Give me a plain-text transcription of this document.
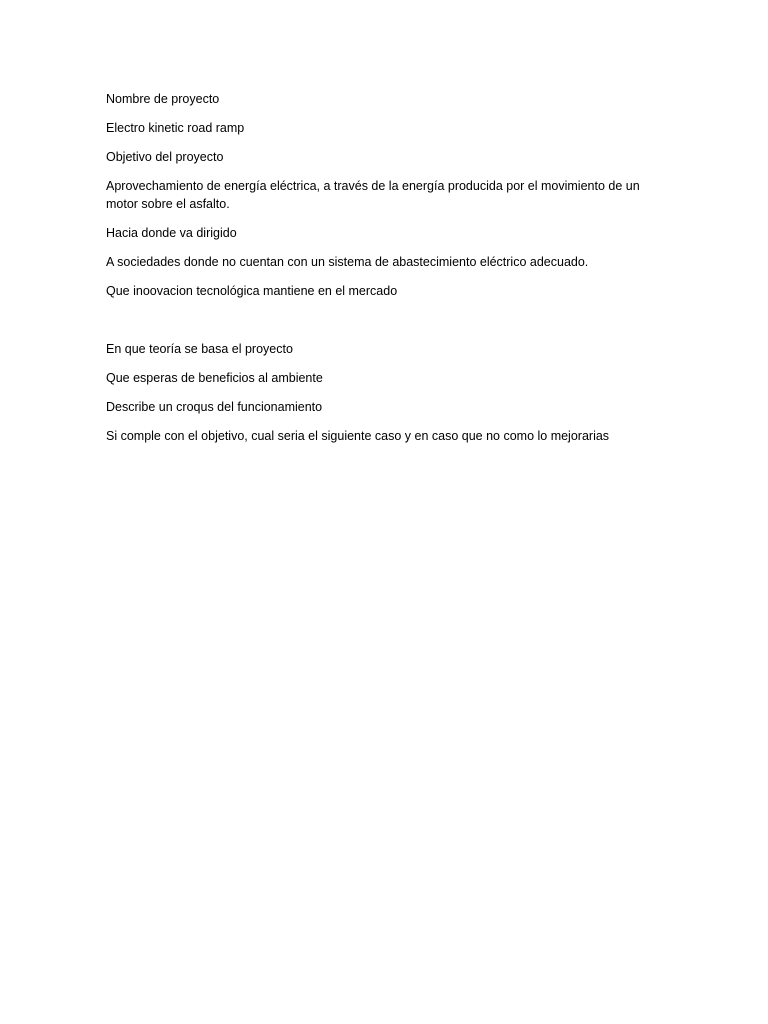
Nombre de proyecto

Electro kinetic road ramp

Objetivo del proyecto

Aprovechamiento de energía eléctrica, a través de la energía producida por el movimiento de un motor sobre el asfalto.

Hacia donde va dirigido

A sociedades donde no cuentan con un sistema de abastecimiento eléctrico adecuado.

Que inoovacion tecnológica mantiene en el mercado

En que teoría se basa el proyecto

Que esperas de beneficios al ambiente

Describe un croqus del funcionamiento

Si comple con el objetivo, cual seria el siguiente caso y en caso que no como lo mejorarias
